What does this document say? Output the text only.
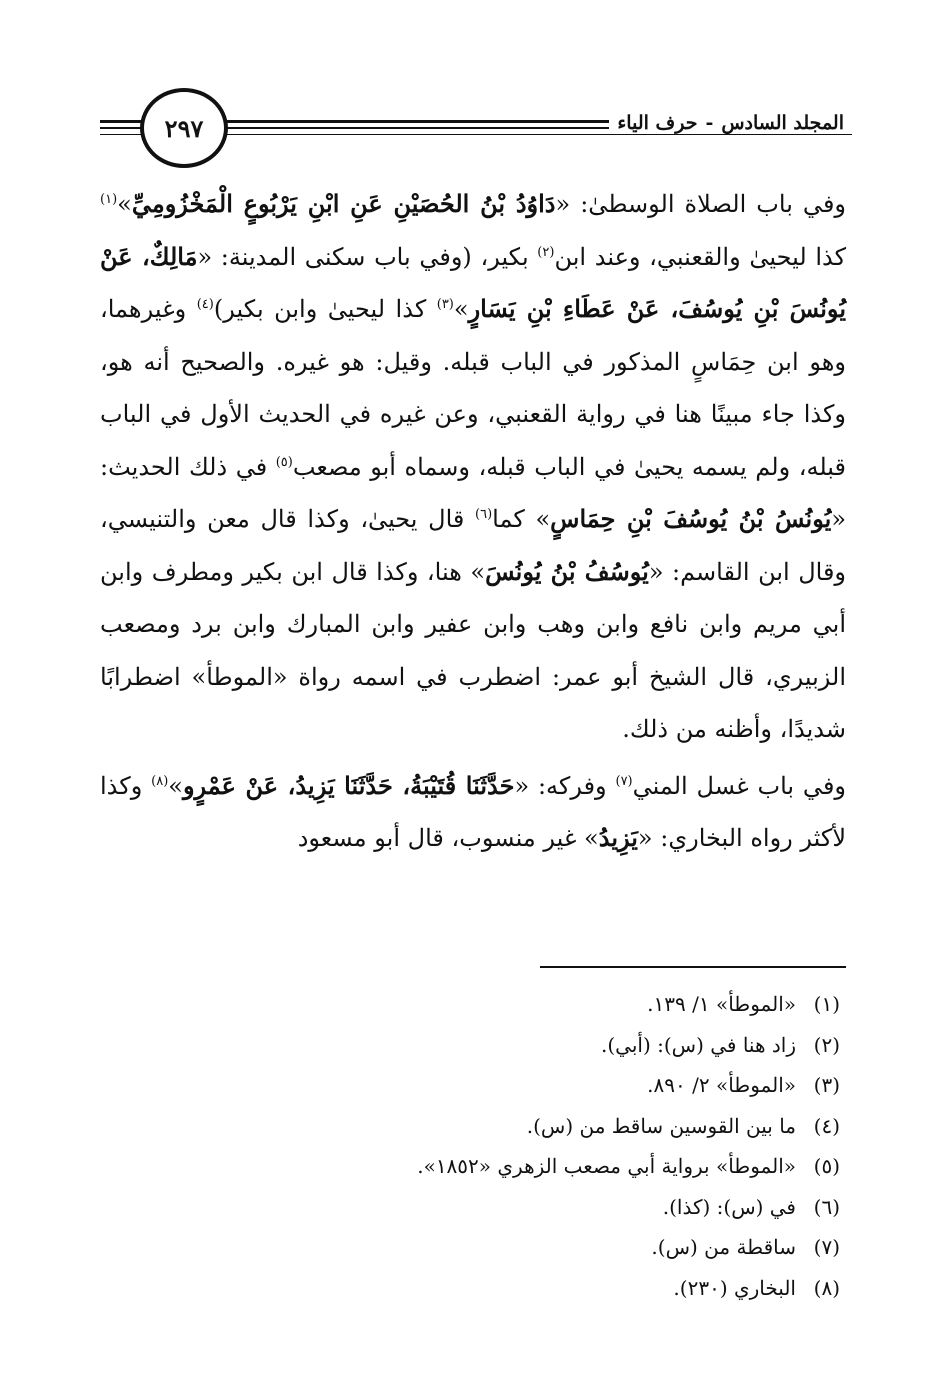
المجلد السادس-حرف الياء
٢٩٧

وفي باب الصلاة الوسطىٰ: «دَاوُدُ بْنُ الحُصَيْنِ عَنِ ابْنِ يَرْبُوعٍ الْمَخْزُومِيِّ»$^{(١)}$ كذا ليحيىٰ والقعنبي، وعند ابن$^{(٢)}$ بكير، (وفي باب سكنى المدينة: «مَالِكٌ، عَنْ يُونُسَ بْنِ يُوسُفَ، عَنْ عَطَاءِ بْنِ يَسَارٍ»$^{(٣)}$ كذا ليحيىٰ وابن بكير)$^{(٤)}$ وغيرهما، وهو ابن حِمَاسٍ المذكور في الباب قبله. وقيل: هو غيره. والصحيح أنه هو، وكذا جاء مبينًا هنا في رواية القعنبي، وعن غيره في الحديث الأول في الباب قبله، ولم يسمه يحيىٰ في الباب قبله، وسماه أبو مصعب$^{(٥)}$ في ذلك الحديث: «يُونُسُ بْنُ يُوسُفَ بْنِ حِمَاسٍ» كما$^{(٦)}$ قال يحيىٰ، وكذا قال معن والتنيسي، وقال ابن القاسم: «يُوسُفُ بْنُ يُونُسَ» هنا، وكذا قال ابن بكير ومطرف وابن أبي مريم وابن نافع وابن وهب وابن عفير وابن المبارك وابن برد ومصعب الزبيري، قال الشيخ أبو عمر: اضطرب في اسمه رواة «الموطأ» اضطرابًا شديدًا، وأظنه من ذلك.

وفي باب غسل المني$^{(٧)}$ وفركه: «حَدَّثَنَا قُتَيْبَةُ، حَدَّثَنَا يَزِيدُ، عَنْ عَمْرٍو»$^{(٨)}$ وكذا لأكثر رواه البخاري: «يَزِيدُ» غير منسوب، قال أبو مسعود

(١)
«الموطأ» ١/ ١٣٩.
(٢)
زاد هنا في (س): (أبي).
(٣)
«الموطأ» ٢/ ٨٩٠.
(٤)
ما بين القوسين ساقط من (س).
(٥)
«الموطأ» برواية أبي مصعب الزهري «١٨٥٢».
(٦)
في (س): (كذا).
(٧)
ساقطة من (س).
(٨)
البخاري (٢٣٠).
